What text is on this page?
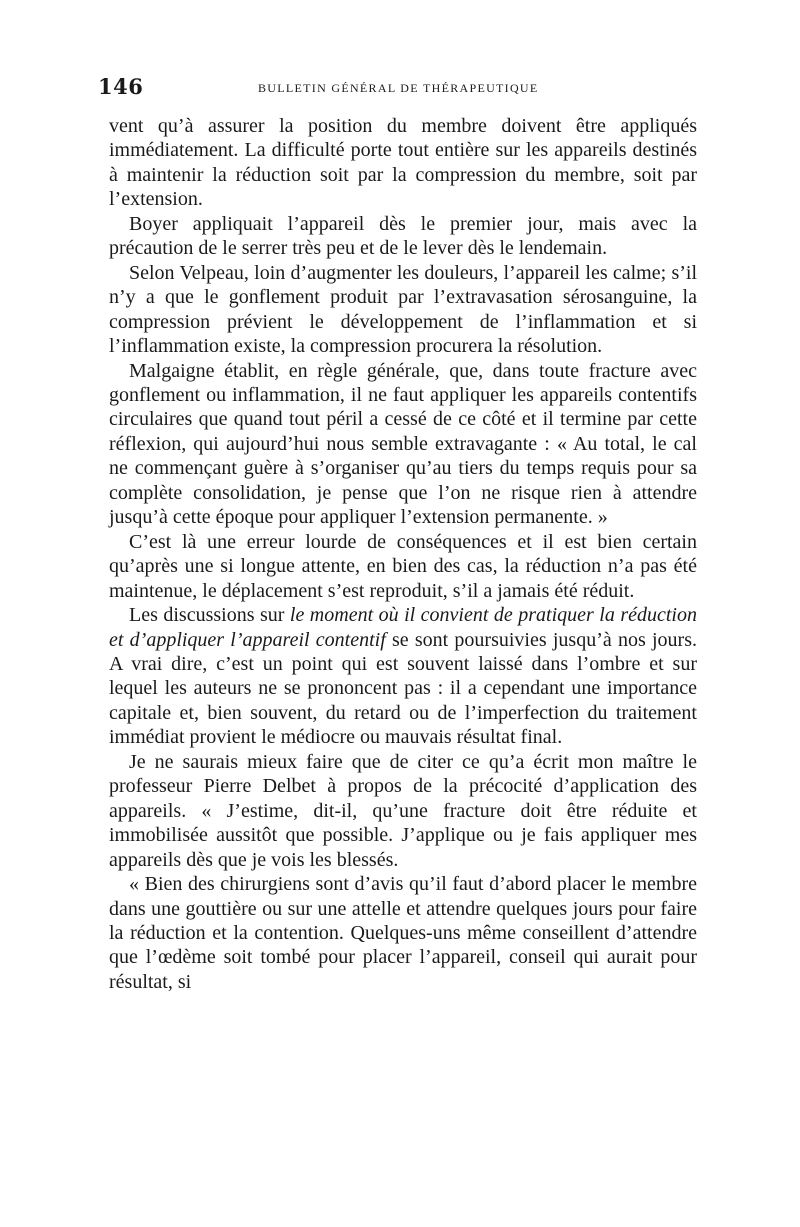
146	BULLETIN GÉNÉRAL DE THÉRAPEUTIQUE

vent qu’à assurer la position du membre doivent être appliqués immédiatement. La difficulté porte tout entière sur les appareils destinés à maintenir la réduction soit par la compression du membre, soit par l’extension.

Boyer appliquait l’appareil dès le premier jour, mais avec la précaution de le serrer très peu et de le lever dès le lendemain.

Selon Velpeau, loin d’augmenter les douleurs, l’appareil les calme; s’il n’y a que le gonflement produit par l’extravasation sérosanguine, la compression prévient le développement de l’inflammation et si l’inflammation existe, la compression procurera la résolution.

Malgaigne établit, en règle générale, que, dans toute fracture avec gonflement ou inflammation, il ne faut appliquer les appareils contentifs circulaires que quand tout péril a cessé de ce côté et il termine par cette réflexion, qui aujourd’hui nous semble extravagante : « Au total, le cal ne commençant guère à s’organiser qu’au tiers du temps requis pour sa complète consolidation, je pense que l’on ne risque rien à attendre jusqu’à cette époque pour appliquer l’extension permanente. »

C’est là une erreur lourde de conséquences et il est bien certain qu’après une si longue attente, en bien des cas, la réduction n’a pas été maintenue, le déplacement s’est reproduit, s’il a jamais été réduit.

Les discussions sur le moment où il convient de pratiquer la réduction et d’appliquer l’appareil contentif se sont poursuivies jusqu’à nos jours. A vrai dire, c’est un point qui est souvent laissé dans l’ombre et sur lequel les auteurs ne se prononcent pas : il a cependant une importance capitale et, bien souvent, du retard ou de l’imperfection du traitement immédiat provient le médiocre ou mauvais résultat final.

Je ne saurais mieux faire que de citer ce qu’a écrit mon maître le professeur Pierre Delbet à propos de la précocité d’application des appareils. « J’estime, dit-il, qu’une fracture doit être réduite et immobilisée aussitôt que possible. J’applique ou je fais appliquer mes appareils dès que je vois les blessés.

« Bien des chirurgiens sont d’avis qu’il faut d’abord placer le membre dans une gouttière ou sur une attelle et attendre quelques jours pour faire la réduction et la contention. Quelques-uns même conseillent d’attendre que l’œdème soit tombé pour placer l’appareil, conseil qui aurait pour résultat, si
